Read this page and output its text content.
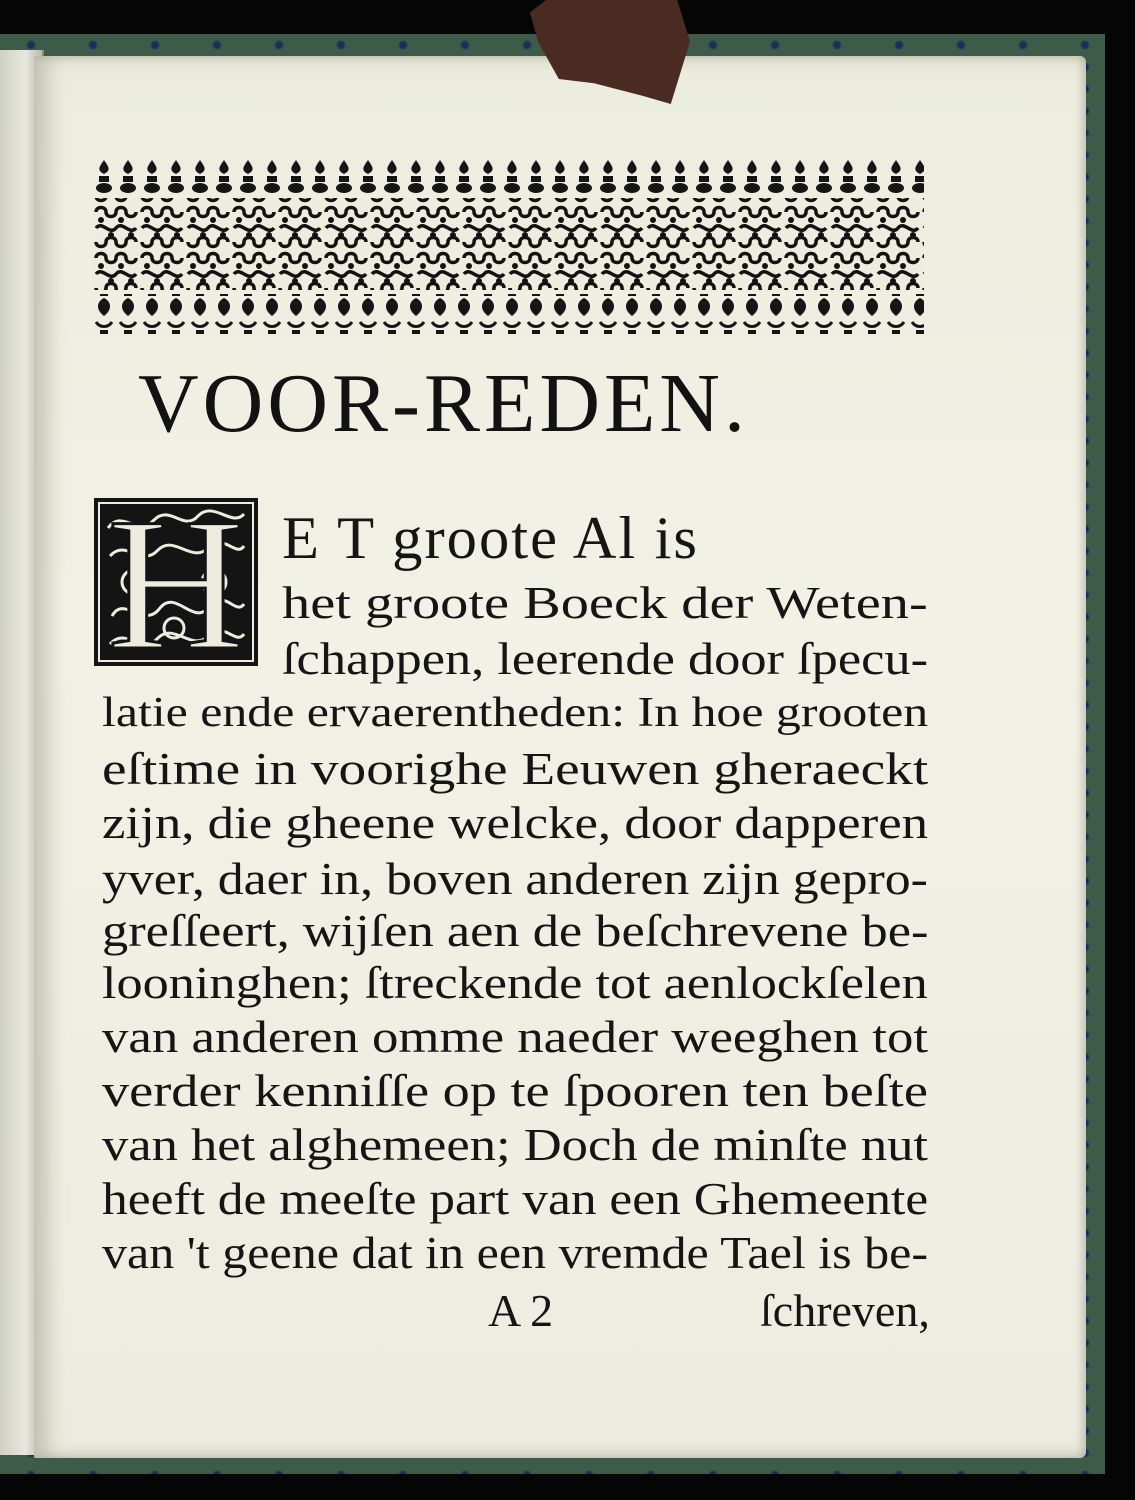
VOOR-REDEN.
H E T groote Al is

het groote Boeck der Weten-

ſchappen, leerende door ſpecu-

latie ende ervaerentheden: In hoe grooten

eſtime in voorighe Eeuwen gheraeckt

zijn, die gheene welcke, door dapperen

yver, daer in, boven anderen zijn gepro-

greſſeert, wijſen aen de beſchrevene be-

looninghen; ſtreckende tot aenlockſelen

van anderen omme naeder weeghen tot

verder kenniſſe op te ſpooren ten beſte

van het alghemeen; Doch de minſte nut

heeft de meeſte part van een Ghemeente

van 't geene dat in een vremde Tael is be-

A 2	ſchreven,
